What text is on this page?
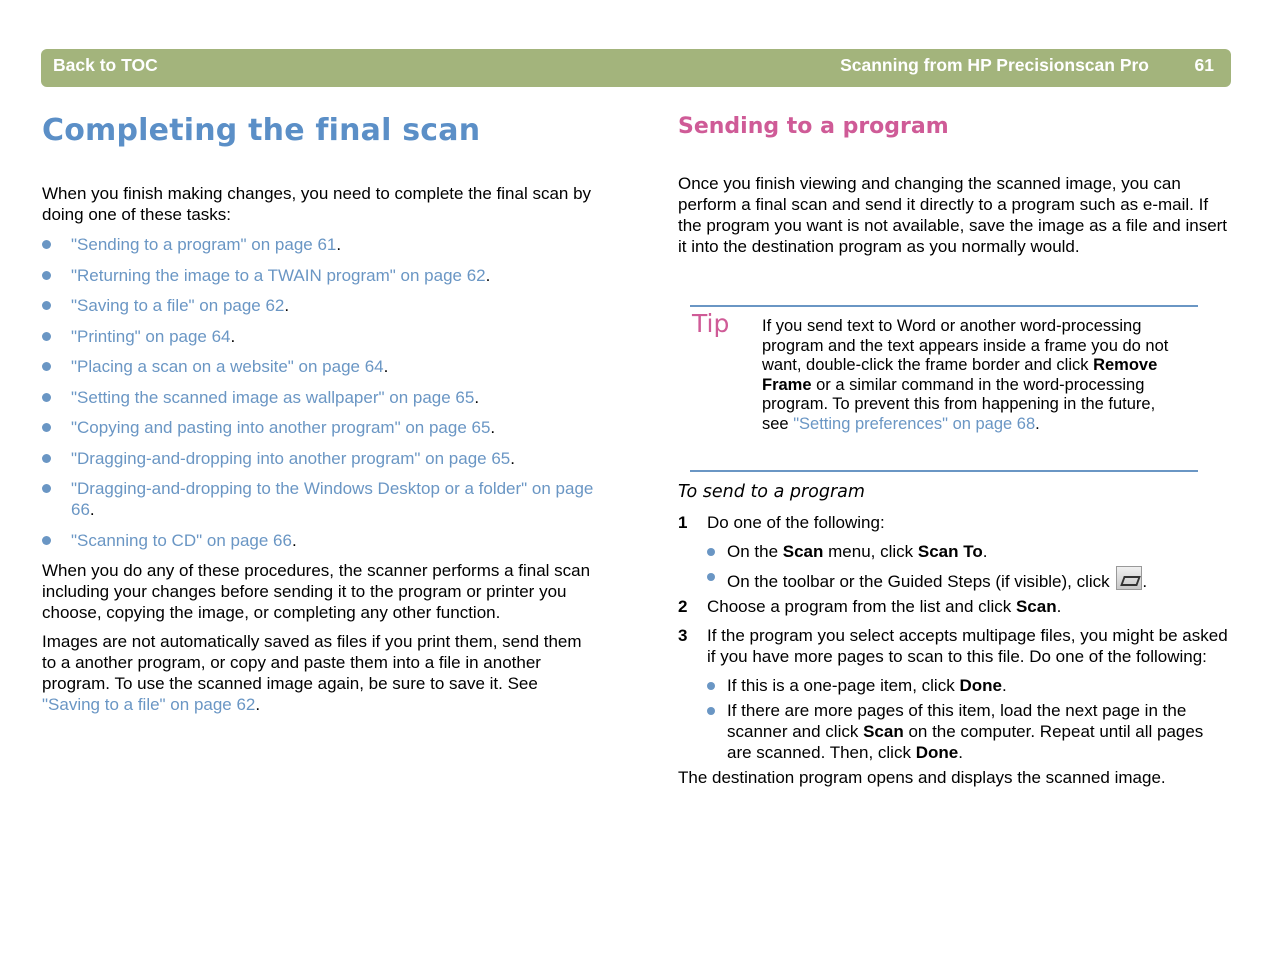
Back to TOC	Scanning from HP Precisionscan Pro	61
Completing the final scan

When you finish making changes, you need to complete the final scan by doing one of these tasks:

"Sending to a program" on page 61.
"Returning the image to a TWAIN program" on page 62.
"Saving to a file" on page 62.
"Printing" on page 64.
"Placing a scan on a website" on page 64.
"Setting the scanned image as wallpaper" on page 65.
"Copying and pasting into another program" on page 65.
"Dragging-and-dropping into another program" on page 65.
"Dragging-and-dropping to the Windows Desktop or a folder" on page 66.
"Scanning to CD" on page 66.

When you do any of these procedures, the scanner performs a final scan including your changes before sending it to the program or printer you choose, copying the image, or completing any other function.

Images are not automatically saved as files if you print them, send them to a another program, or copy and paste them into a file in another program. To use the scanned image again, be sure to save it. See "Saving to a file" on page 62.

Sending to a program

Once you finish viewing and changing the scanned image, you can perform a final scan and send it directly to a program such as e-mail. If the program you want is not available, save the image as a file and insert it into the destination program as you normally would.

Tip If you send text to Word or another word-processing program and the text appears inside a frame you do not want, double-click the frame border and click Remove Frame or a similar command in the word-processing program. To prevent this from happening in the future, see "Setting preferences" on page 68.
To send to a program
1 Do one of the following:
On the Scan menu, click Scan To.
On the toolbar or the Guided Steps (if visible), click .
2 Choose a program from the list and click Scan.
3 If the program you select accepts multipage files, you might be asked if you have more pages to scan to this file. Do one of the following:
If this is a one-page item, click Done.
If there are more pages of this item, load the next page in the scanner and click Scan on the computer. Repeat until all pages are scanned. Then, click Done.

The destination program opens and displays the scanned image.
